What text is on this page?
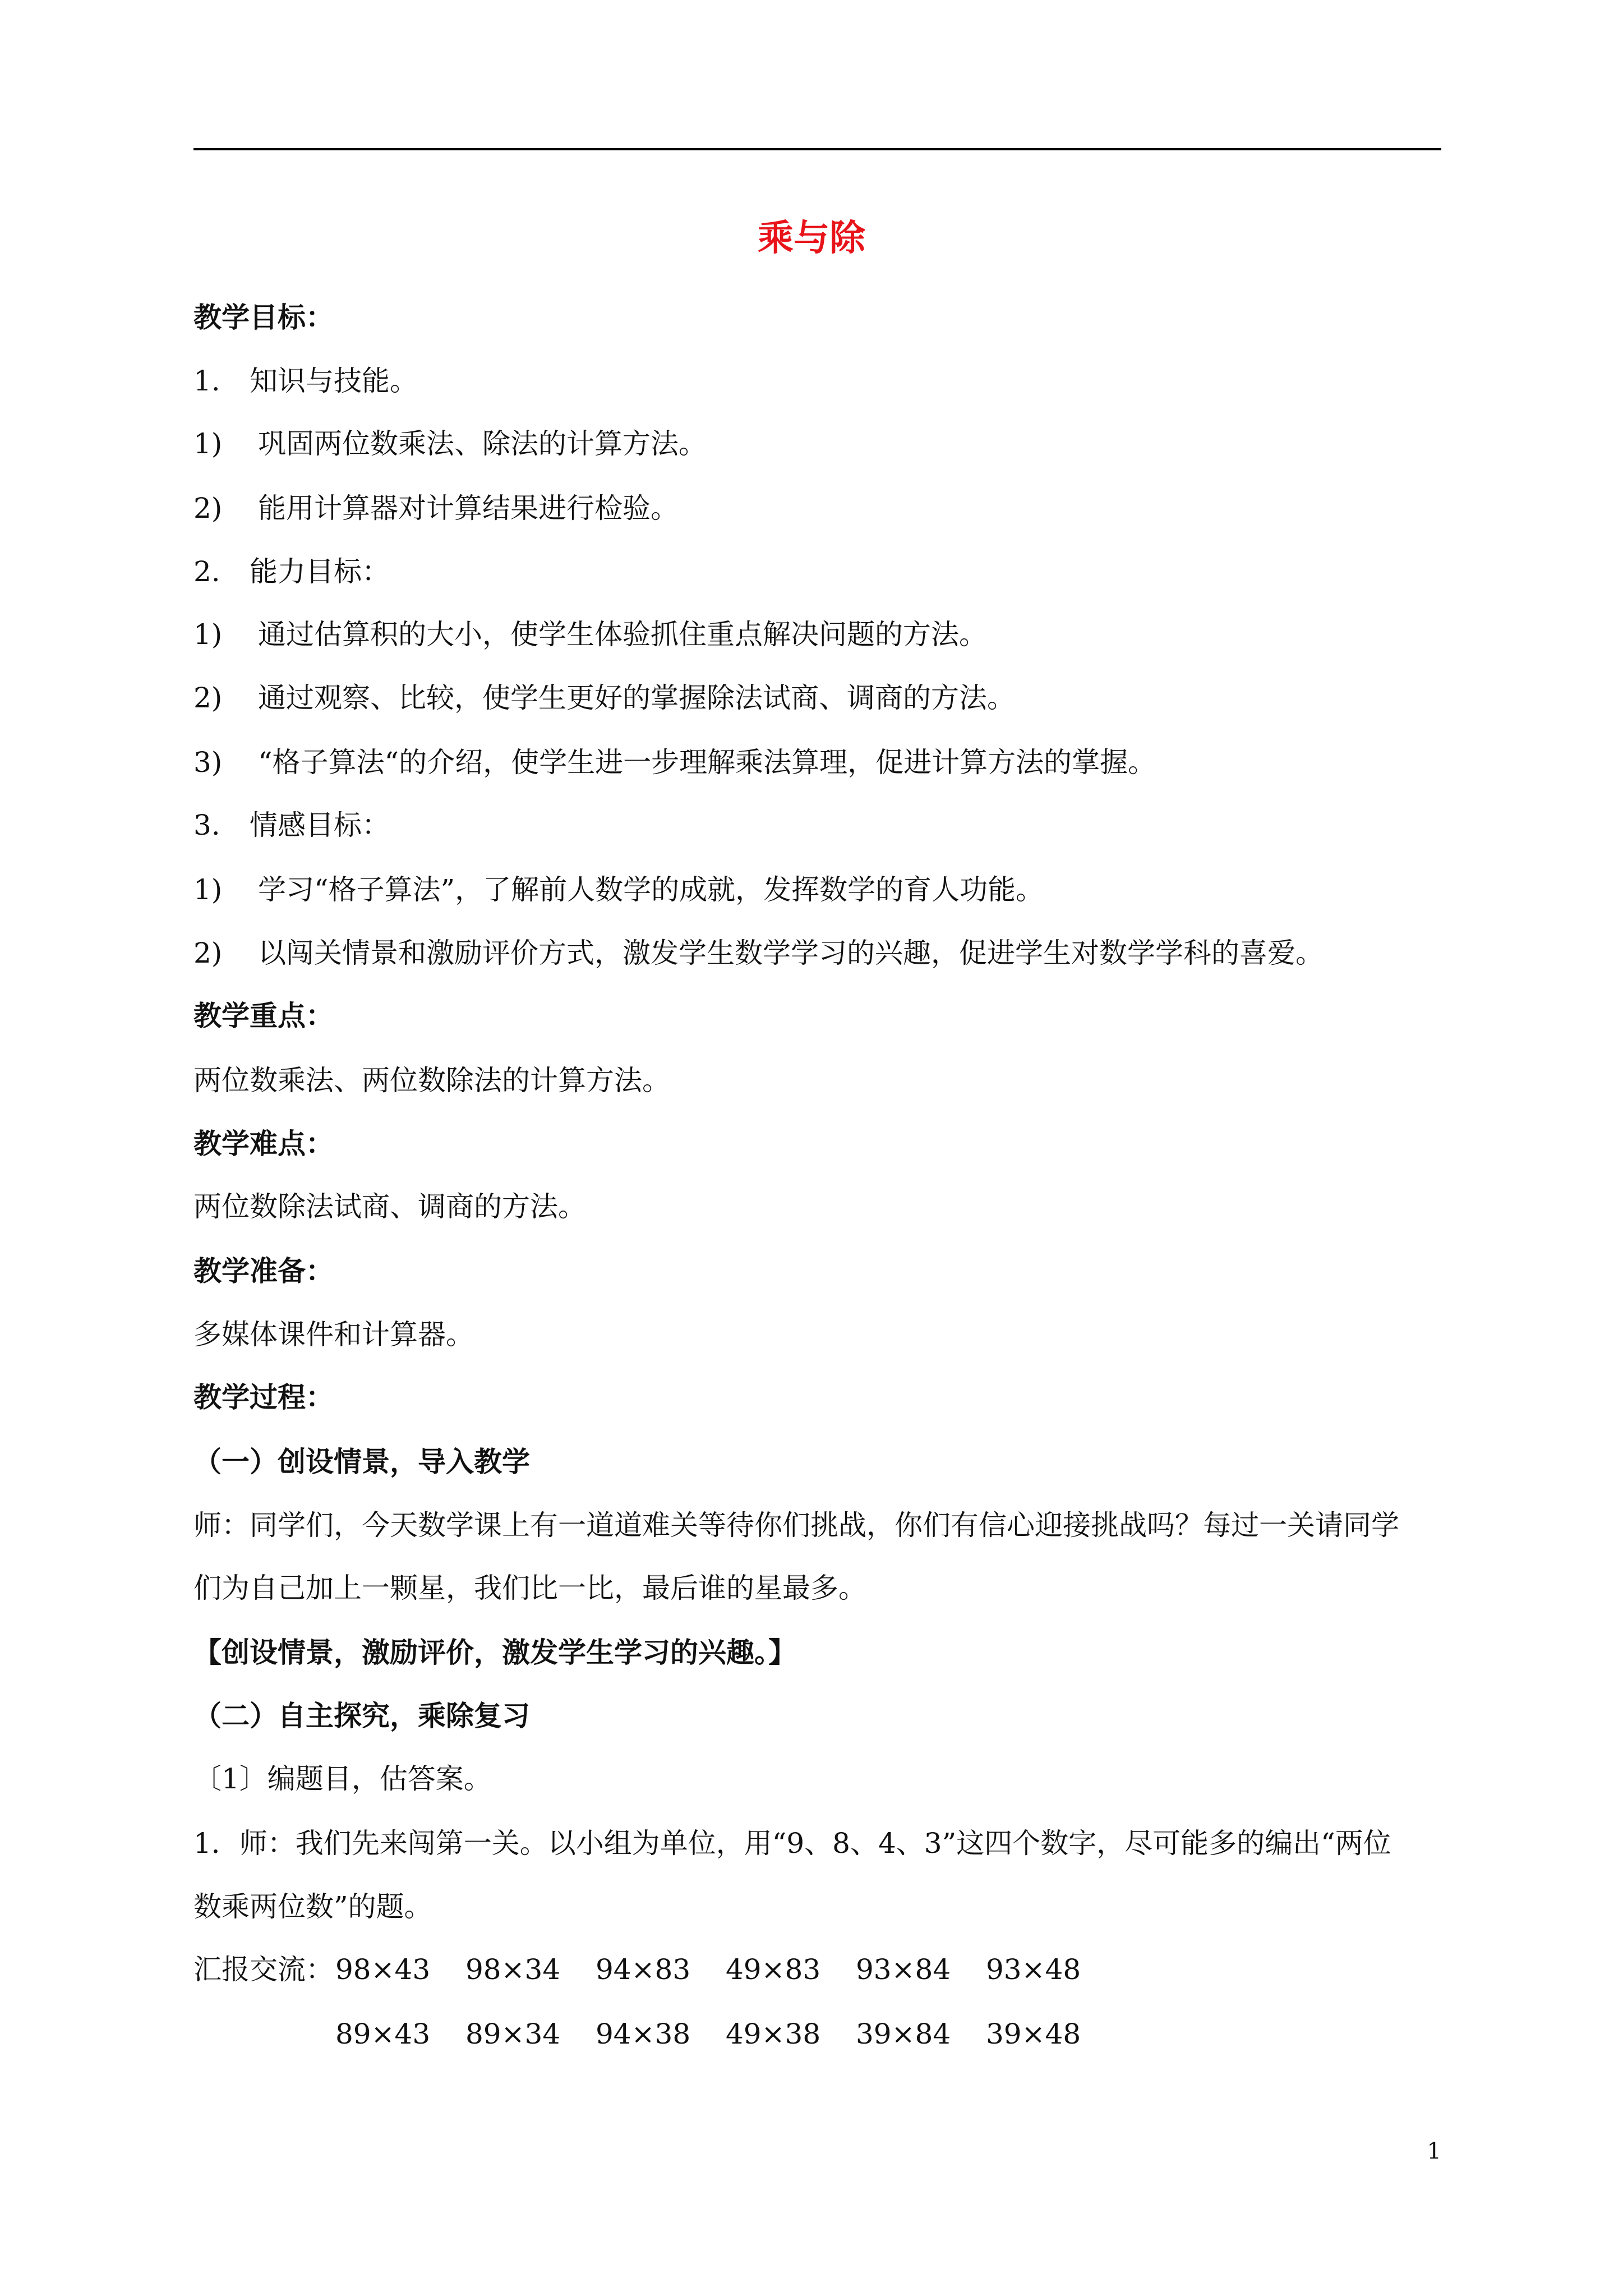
乘与除
教学目标：
1. 知识与技能。
1) 巩固两位数乘法、除法的计算方法。
2) 能用计算器对计算结果进行检验。
2. 能力目标：
1) 通过估算积的大小，使学生体验抓住重点解决问题的方法。
2) 通过观察、比较，使学生更好的掌握除法试商、调商的方法。
3) “格子算法“的介绍，使学生进一步理解乘法算理，促进计算方法的掌握。
3. 情感目标：
1) 学习“格子算法”，了解前人数学的成就，发挥数学的育人功能。
2) 以闯关情景和激励评价方式，激发学生数学学习的兴趣，促进学生对数学学科的喜爱。
教学重点：
两位数乘法、两位数除法的计算方法。
教学难点：
两位数除法试商、调商的方法。
教学准备：
多媒体课件和计算器。
教学过程：
（一）创设情景，导入教学
师：同学们，今天数学课上有一道道难关等待你们挑战，你们有信心迎接挑战吗？每过一关请同学
们为自己加上一颗星，我们比一比，最后谁的星最多。
【创设情景，激励评价，激发学生学习的兴趣。】
（二）自主探究，乘除复习
〔1〕编题目，估答案。
1．师：我们先来闯第一关。以小组为单位，用“9、8、4、3”这四个数字，尽可能多的编出“两位
数乘两位数”的题。
汇报交流： 98×43	98×34	94×83	49×83	93×84	93×48
89×43	89×34	94×38	49×38	39×84	39×48
1
